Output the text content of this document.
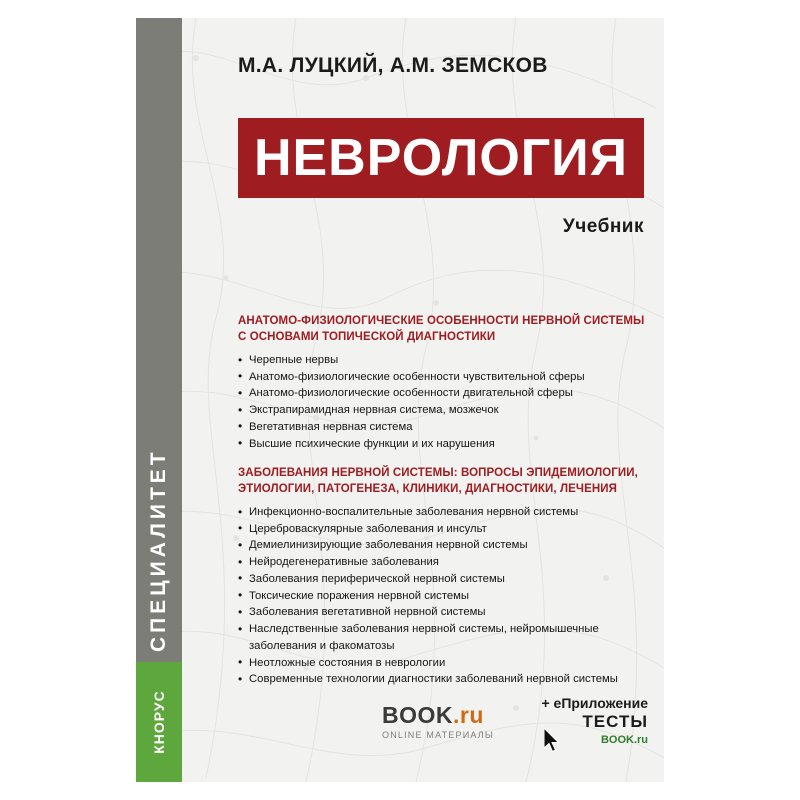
М.А. ЛУЦКИЙ, А.М. ЗЕМСКОВ
НЕВРОЛОГИЯ
Учебник
АНАТОМО-ФИЗИОЛОГИЧЕСКИЕ ОСОБЕННОСТИ НЕРВНОЙ СИСТЕМЫ С ОСНОВАМИ ТОПИЧЕСКОЙ ДИАГНОСТИКИ
• Черепные нервы
• Анатомо-физиологические особенности чувствительной сферы
• Анатомо-физиологические особенности двигательной сферы
• Экстрапирамидная нервная система, мозжечок
• Вегетативная нервная система
• Высшие психические функции и их нарушения
ЗАБОЛЕВАНИЯ НЕРВНОЙ СИСТЕМЫ: ВОПРОСЫ ЭПИДЕМИОЛОГИИ, ЭТИОЛОГИИ, ПАТОГЕНЕЗА, КЛИНИКИ, ДИАГНОСТИКИ, ЛЕЧЕНИЯ
• Инфекционно-воспалительные заболевания нервной системы
• Цереброваскулярные заболевания и инсульт
• Демиелинизирующие заболевания нервной системы
• Нейродегенеративные заболевания
• Заболевания периферической нервной системы
• Токсические поражения нервной системы
• Заболевания вегетативной нервной системы
• Наследственные заболевания нервной системы, нейромышечные заболевания и факоматозы
• Неотложные состояния в неврологии
• Современные технологии диагностики заболеваний нервной системы
BOOK.ru
ONLINE МАТЕРИАЛЫ
+ еПриложение
ТЕСТЫ
BOOK.ru
СПЕЦИАЛИТЕТ
КНОРУС
